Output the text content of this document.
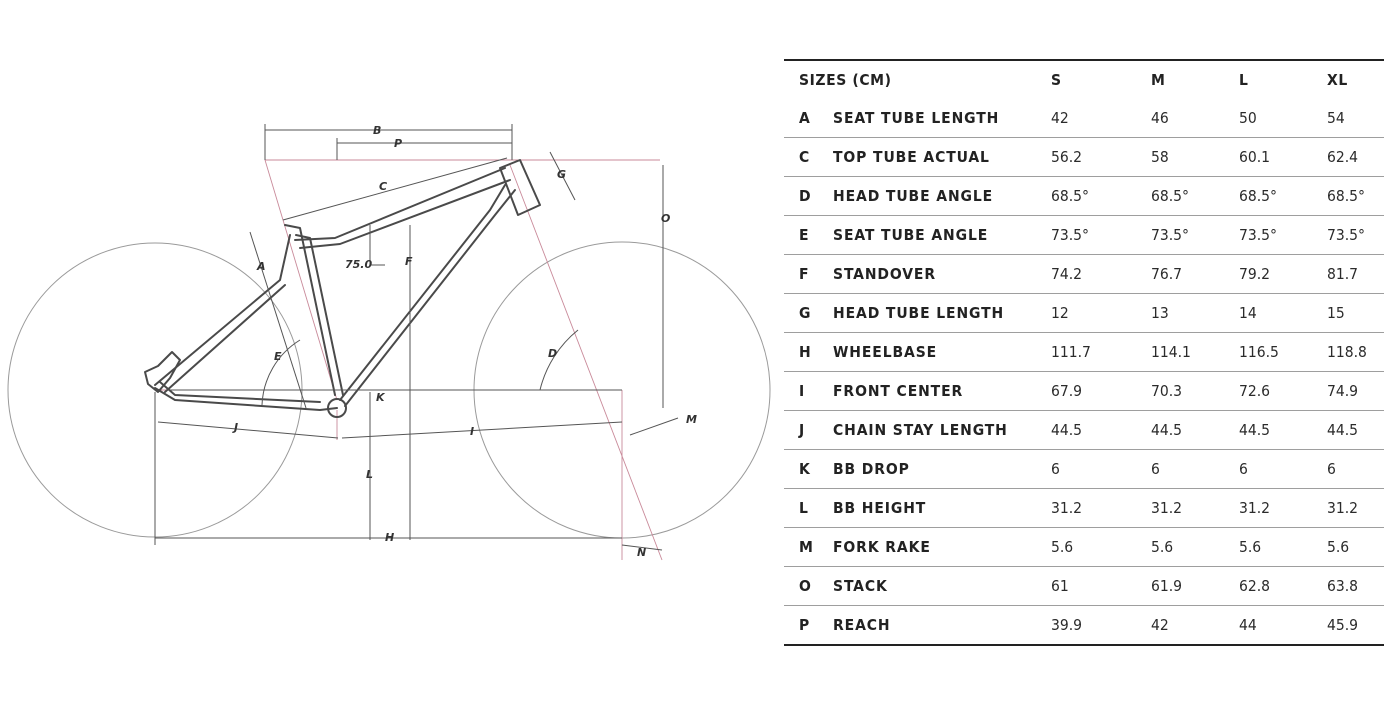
B
P
C
G
O
A	75.0	F
D
E
K
M
J	I
L
H
N
SIZES (CM)		S	M	L	XL
A	SEAT TUBE LENGTH	42	46	50	54
C	TOP TUBE ACTUAL	56.2	58	60.1	62.4
D	HEAD TUBE ANGLE	68.5°	68.5°	68.5°	68.5°
E	SEAT TUBE ANGLE	73.5°	73.5°	73.5°	73.5°
F	STANDOVER	74.2	76.7	79.2	81.7
G	HEAD TUBE LENGTH	12	13	14	15
H	WHEELBASE	111.7	114.1	116.5	118.8
I	FRONT CENTER	67.9	70.3	72.6	74.9
J	CHAIN STAY LENGTH	44.5	44.5	44.5	44.5
K	BB DROP	6	6	6	6
L	BB HEIGHT	31.2	31.2	31.2	31.2
M	FORK RAKE	5.6	5.6	5.6	5.6
O	STACK	61	61.9	62.8	63.8
P	REACH	39.9	42	44	45.9
